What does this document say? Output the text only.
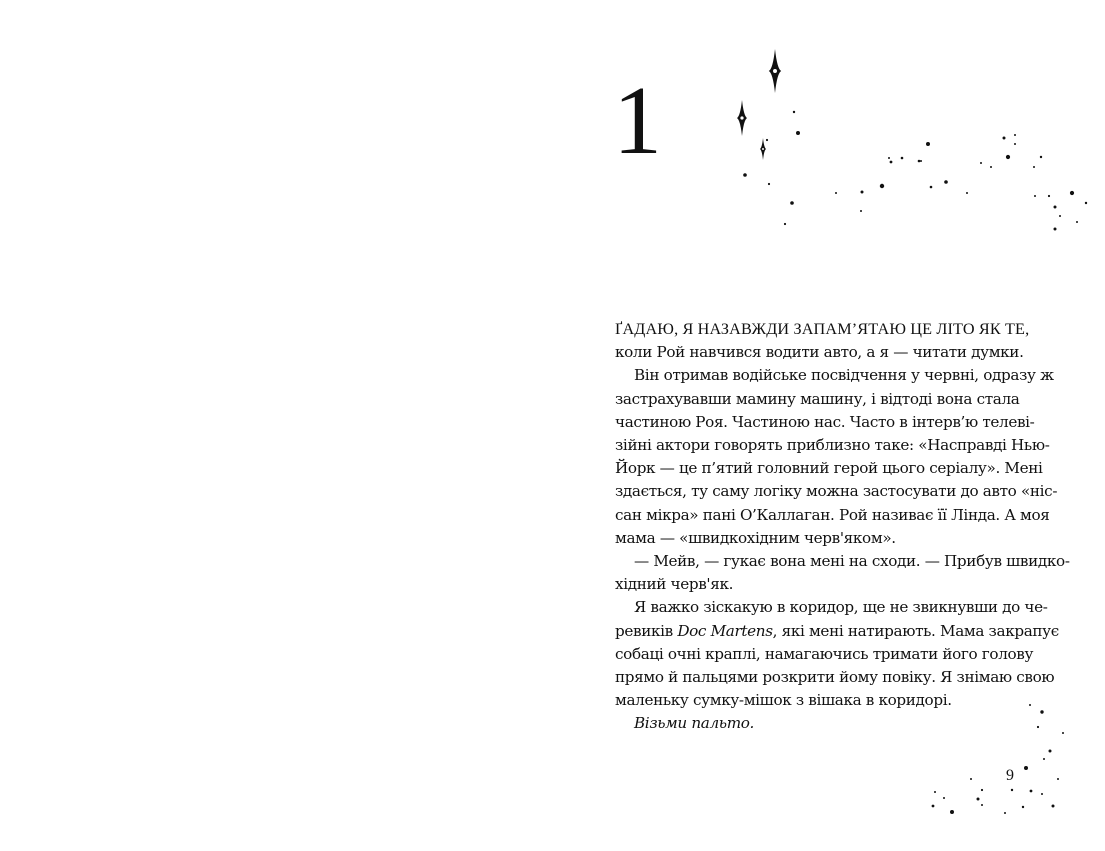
1
ҐАДАЮ, Я НАЗАВЖДИ ЗАПАМ’ЯТАЮ ЦЕ ЛІТО ЯК ТЕ,
коли Рой навчився водити авто, а я — читати думки.
Він отримав водійське посвідчення у червні, одразу ж
застрахувавши мамину машину, і відтоді вона стала
частиною Роя. Частиною нас. Часто в інтерв’ю телеві-
зійні актори говорять приблизно таке: «Насправді Нью-
Йорк — це п’ятий головний герой цього серіалу». Мені
здається, ту саму логіку можна застосувати до авто «ніс-
сан мікра» пані О’Каллаган. Рой називає її Лінда. А моя
мама — «швидкохідним черв'яком».
— Мейв, — гукає вона мені на сходи. — Прибув швидко-
хідний черв'як.
Я важко зіскакую в коридор, ще не звикнувши до че-
ревиків Doc Martens, які мені натирають. Мама закрапує
собаці очні краплі, намагаючись тримати його голову
прямо й пальцями розкрити йому повіку. Я знімаю свою
маленьку сумку-мішок з вішака в коридорі.
Візьми пальто.
9
